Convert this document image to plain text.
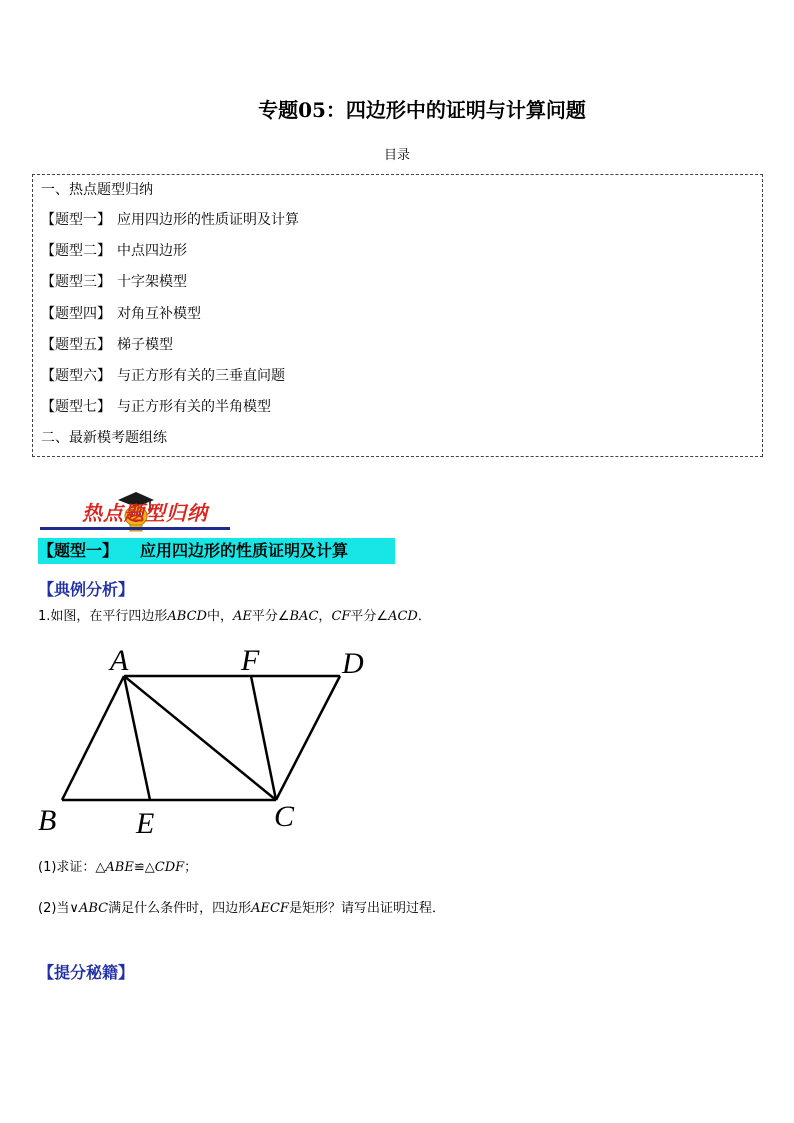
专题05：四边形中的证明与计算问题
目录
一、热点题型归纳
【题型一】 应用四边形的性质证明及计算
【题型二】 中点四边形
【题型三】 十字架模型
【题型四】 对角互补模型
【题型五】 梯子模型
【题型六】 与正方形有关的三垂直问题
【题型七】 与正方形有关的半角模型
二、最新模考题组练
热点题型归纳
【题型一】 应用四边形的性质证明及计算
【典例分析】
1.如图，在平行四边形ABCD中，AE平分∠BAC，CF平分∠ACD．
A	F	D
B	E	C
(1)求证：△ABE≌△CDF；
(2)当∨ABC满足什么条件时，四边形AECF是矩形？请写出证明过程．
【提分秘籍】
